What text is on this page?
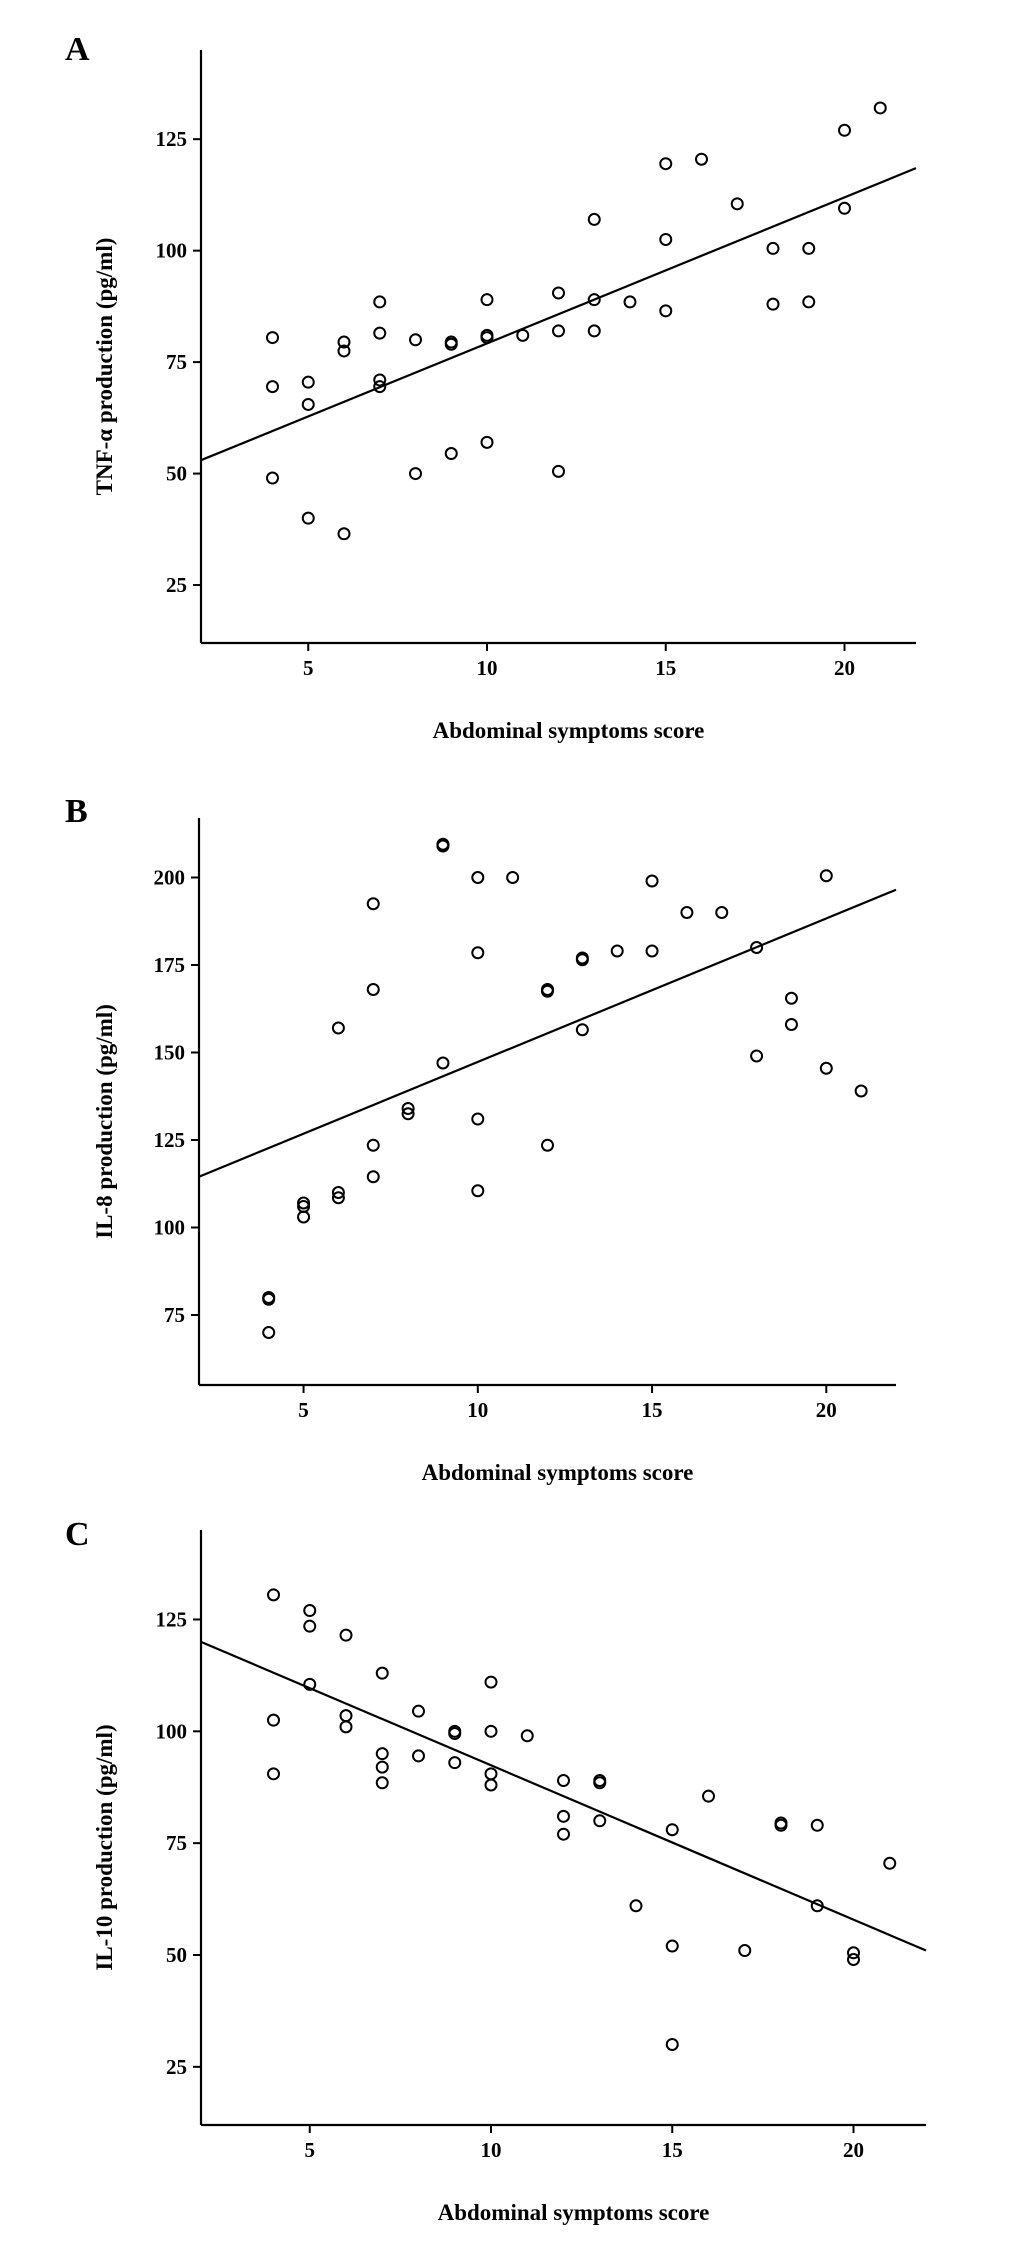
A
5	10	15	20
25
50
75
100
125
Abdominal symptoms score
TNF-α production (pg/ml)
B
5	10	15	20
75
100
125
150
175
200
Abdominal symptoms score
IL-8 production (pg/ml)
C
5	10	15	20
25
50
75
100
125
Abdominal symptoms score
IL-10 production (pg/ml)
